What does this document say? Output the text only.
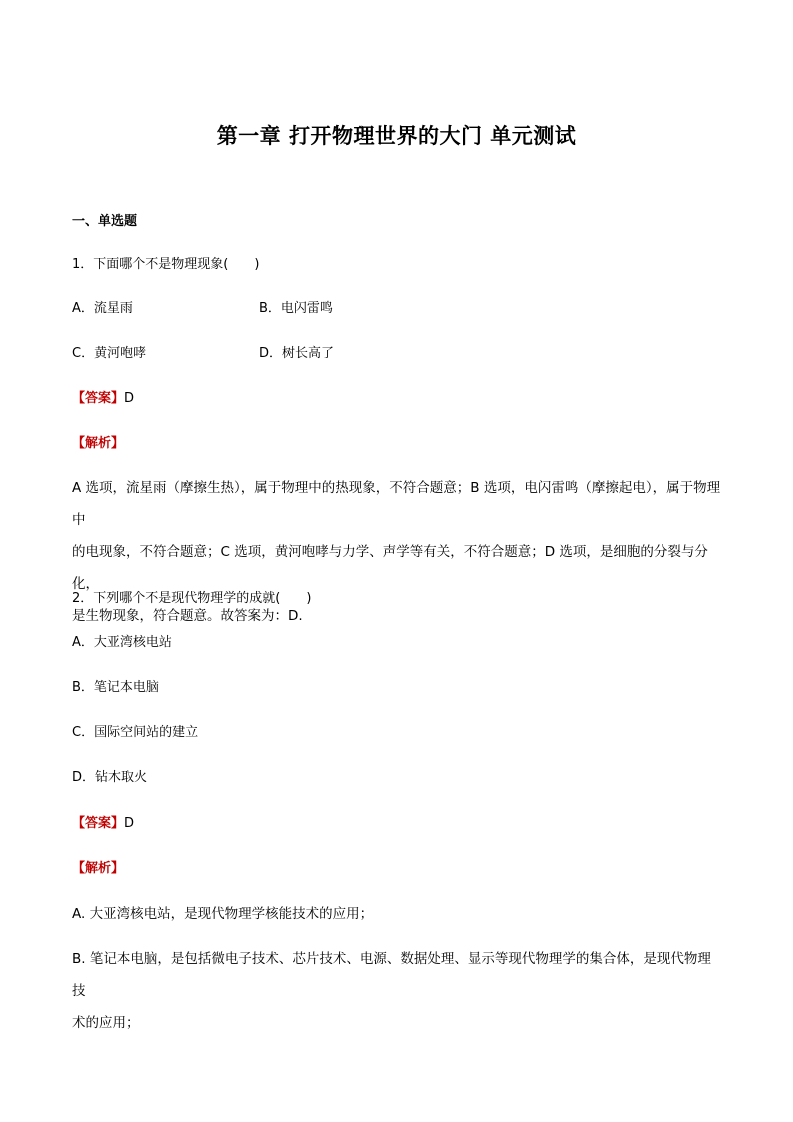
第一章 打开物理世界的大门 单元测试
一、单选题
1．下面哪个不是物理现象(　　)
A．流星雨	B．电闪雷鸣
C．黄河咆哮	D．树长高了
【答案】D
【解析】
A 选项，流星雨（摩擦生热），属于物理中的热现象，不符合题意；B 选项，电闪雷鸣（摩擦起电），属于物理中
的电现象，不符合题意；C 选项，黄河咆哮与力学、声学等有关，不符合题意；D 选项，是细胞的分裂与分化，
是生物现象，符合题意。故答案为：D.
2．下列哪个不是现代物理学的成就(　　)
A．大亚湾核电站
B．笔记本电脑
C．国际空间站的建立
D．钻木取火
【答案】D
【解析】
A. 大亚湾核电站，是现代物理学核能技术的应用；
B. 笔记本电脑，是包括微电子技术、芯片技术、电源、数据处理、显示等现代物理学的集合体，是现代物理技
术的应用；
